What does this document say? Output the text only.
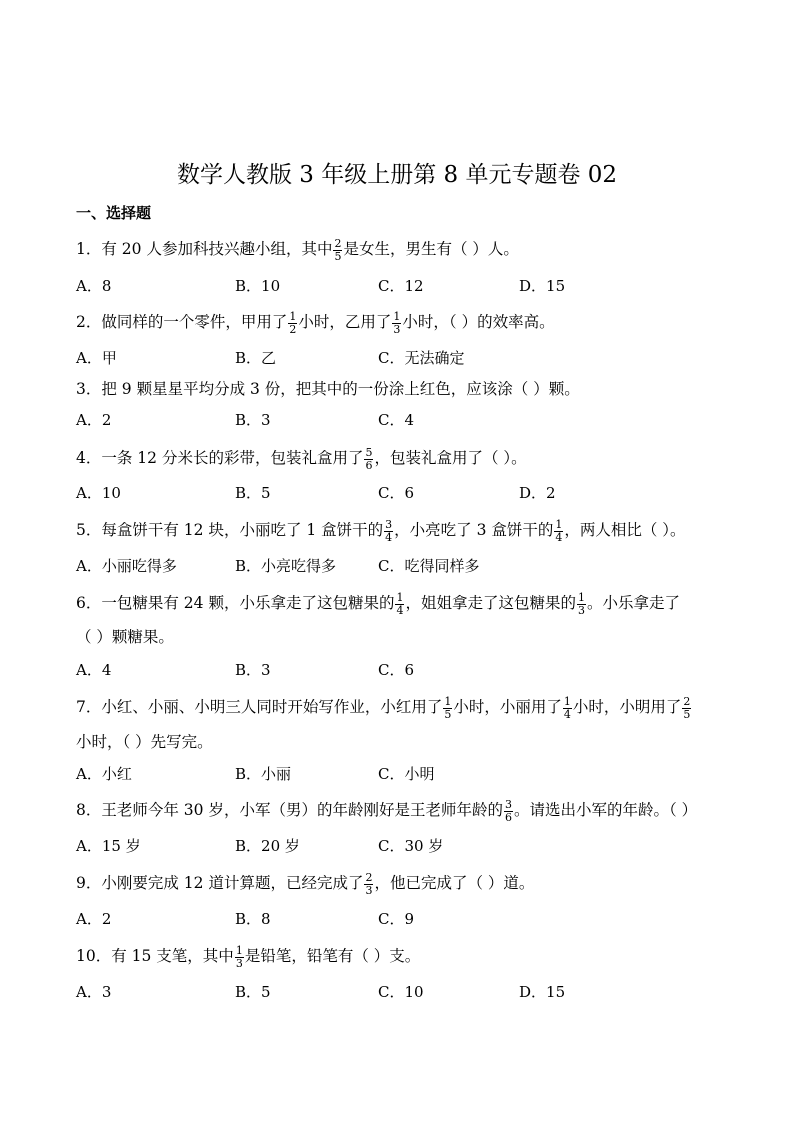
数学人教版 3 年级上册第 8 单元专题卷 02
一、选择题
1．有 20 人参加科技兴趣小组，其中 $\frac{2}{5}$ 是女生，男生有（ ）人。
A．8	B．10	C．12	D．15
2．做同样的一个零件，甲用了 $\frac{1}{2}$ 小时，乙用了 $\frac{1}{3}$ 小时，（ ）的效率高。
A．甲	B．乙	C．无法确定
3．把 9 颗星星平均分成 3 份，把其中的一份涂上红色，应该涂（ ）颗。
A．2	B．3	C．4
4．一条 12 分米长的彩带，包装礼盒用了 $\frac{5}{6}$ ，包装礼盒用了（ ）。
A．10	B．5	C．6	D．2
5．每盒饼干有 12 块，小丽吃了 1 盒饼干的 $\frac{3}{4}$ ，小亮吃了 3 盒饼干的 $\frac{1}{4}$ ，两人相比（ ）。
A．小丽吃得多	B．小亮吃得多	C．吃得同样多
6．一包糖果有 24 颗，小乐拿走了这包糖果的 $\frac{1}{4}$ ，姐姐拿走了这包糖果的 $\frac{1}{3}$ 。小乐拿走了
（ ）颗糖果。
A．4	B．3	C．6
7．小红、小丽、小明三人同时开始写作业，小红用了 $\frac{1}{5}$ 小时，小丽用了 $\frac{1}{4}$ 小时，小明用了 $\frac{2}{5}$
小时，（ ）先写完。
A．小红	B．小丽	C．小明
8．王老师今年 30 岁，小军（男）的年龄刚好是王老师年龄的 $\frac{3}{6}$ 。请选出小军的年龄。（ ）
A．15 岁	B．20 岁	C．30 岁
9．小刚要完成 12 道计算题，已经完成了 $\frac{2}{3}$ ，他已完成了（ ）道。
A．2	B．8	C．9
10．有 15 支笔，其中 $\frac{1}{3}$ 是铅笔，铅笔有（ ）支。
A．3	B．5	C．10	D．15
